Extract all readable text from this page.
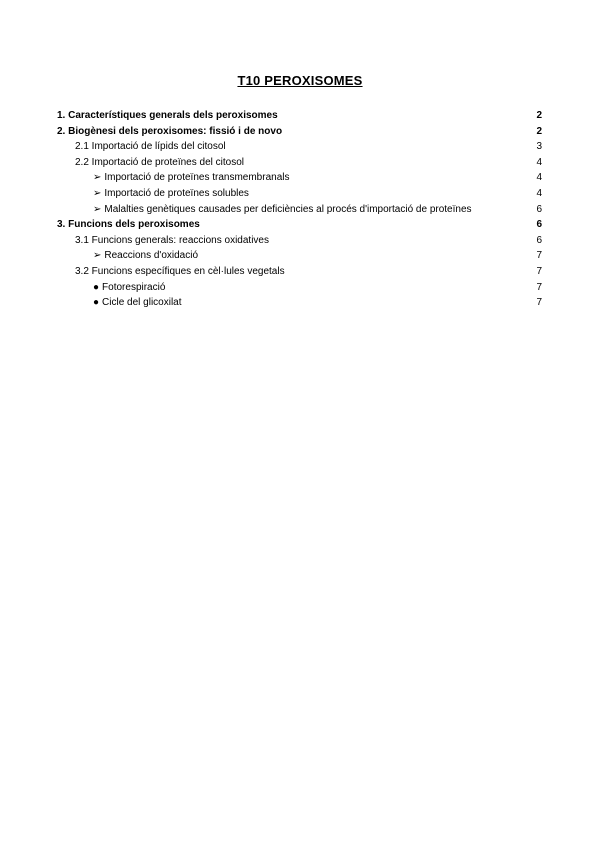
T10 PEROXISOMES
1. Característiques generals dels peroxisomes	2
2. Biogènesi dels peroxisomes: fissió i de novo	2
2.1 Importació de lípids del citosol	3
2.2 Importació de proteïnes del citosol	4
➢ Importació de proteïnes transmembranals	4
➢ Importació de proteïnes solubles	4
➢ Malalties genètiques causades per deficiències al procés d'importació de proteïnes	6
3. Funcions dels peroxisomes	6
3.1 Funcions generals: reaccions oxidatives	6
➢ Reaccions d'oxidació	7
3.2 Funcions específiques en cèl·lules vegetals	7
● Fotorespiració	7
● Cicle del glicoxilat	7
